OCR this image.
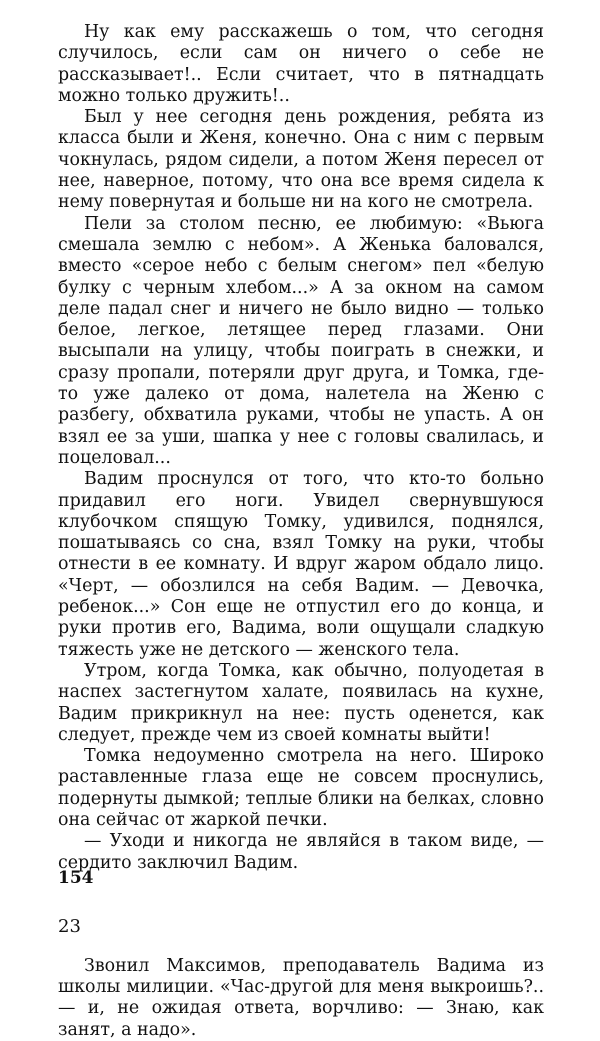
Ну как ему расскажешь о том, что сегодня случилось, если сам он ничего о себе не рассказывает!.. Если считает, что в пятнадцать можно только дружить!..

Был у нее сегодня день рождения, ребята из класса были и Женя, конечно. Она с ним с первым чокнулась, рядом сидели, а потом Женя пересел от нее, наверное, потому, что она все время сидела к нему повернутая и больше ни на кого не смотрела.

Пели за столом песню, ее любимую: «Вьюга смешала землю с небом». А Женька баловался, вместо «серое небо с белым снегом» пел «белую булку с черным хлебом...» А за окном на самом деле падал снег и ничего не было видно — только белое, легкое, летящее перед глазами. Они высыпали на улицу, чтобы поиграть в снежки, и сразу пропали, потеряли друг друга, и Томка, где-то уже далеко от дома, налетела на Женю с разбегу, обхватила руками, чтобы не упасть. А он взял ее за уши, шапка у нее с головы свалилась, и поцеловал...

Вадим проснулся от того, что кто-то больно придавил его ноги. Увидел свернувшуюся клубочком спящую Томку, удивился, поднялся, пошатываясь со сна, взял Томку на руки, чтобы отнести в ее комнату. И вдруг жаром обдало лицо. «Черт, — обозлился на себя Вадим. — Девочка, ребенок...» Сон еще не отпустил его до конца, и руки против его, Вадима, воли ощущали сладкую тяжесть уже не детского — женского тела.

Утром, когда Томка, как обычно, полуодетая в наспех застегнутом халате, появилась на кухне, Вадим прикрикнул на нее: пусть оденется, как следует, прежде чем из своей комнаты выйти!

Томка недоуменно смотрела на него. Широко раставленные глаза еще не совсем проснулись, подернуты дымкой; теплые блики на белках, словно она сейчас от жаркой печки.

— Уходи и никогда не являйся в таком виде, — сердито заключил Вадим.

23

Звонил Максимов, преподаватель Вадима из школы милиции. «Час-другой для меня выкроишь?.. — и, не ожидая ответа, ворчливо: — Знаю, как занят, а надо».

154
